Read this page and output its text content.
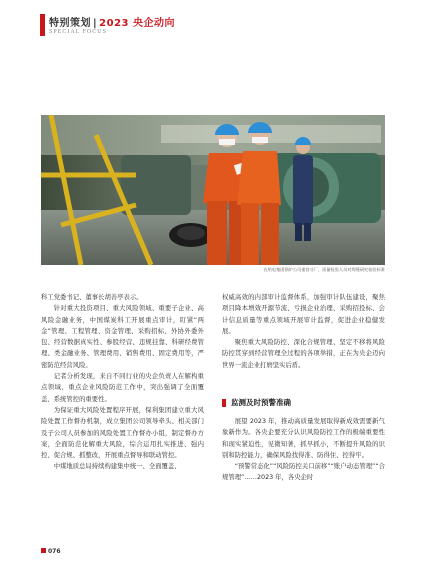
特别策划 | 2023 央企动向
SPECIAL FOCUS
在哈电集团锅炉公司重容分厂，质量检验人员对焊缝研究检验标准

科工党委书记、董事长胡善亭表示。

针对重大投资项目、重大风险领域、重要子企业、高风险金融业务，中国煤炭科工开展重点审计，盯紧“两金”管理、工程管理、资金管理、采购招标、外协外委外包、经营数据真实性、参股经营、违规挂靠、科研经费管理、类金融业务、管理费用、销售费用、固定费用等，严密防范经营风险。

记者分析发现，来自不同行业的央企负责人在解构重点领域、重点企业风险防范工作中，突出强调了全面覆盖、系统管控的重要性。

为保证重大风险处置程序开展，保利集团建立重大风险处置工作督办机制，成立集团公司领导牵头、相关部门及子公司人员参加的风险处置工作督办小组，制定督办方案，全面防范化解重大风险，综合运用扎实推进、强内控、促合规、抓整改，开展重点督导和联动管控。

中煤地质总局持续构建集中统一、全面覆盖、

权威高效的内部审计监督体系，加强审计队伍建设，聚焦项目降本增效开源节流、亏损企业治理、采购招投标、会计信息质量等重点领域开展审计监督，促进企业稳健发展。

聚焦重大风险防控、深化合规管理、坚定不移将风险防控贯穿到经营管理全过程的各项举措，正在为央企迈向世界一流企业打磨坚实后盾。

监测及时预警准确

展望 2023 年，推动高质量发展取得新成效需要新气象新作为。各央企要充分认识风险防控工作的极端重要性和现实紧迫性，见微知著，抓早抓小，不断提升风险的识别和防控能力，确保风险找得准、防得住、控得牢。

“预警常态化”“风险防控关口前移”“账户动态管理”“合规管理”……2023 年，各央企时

076
